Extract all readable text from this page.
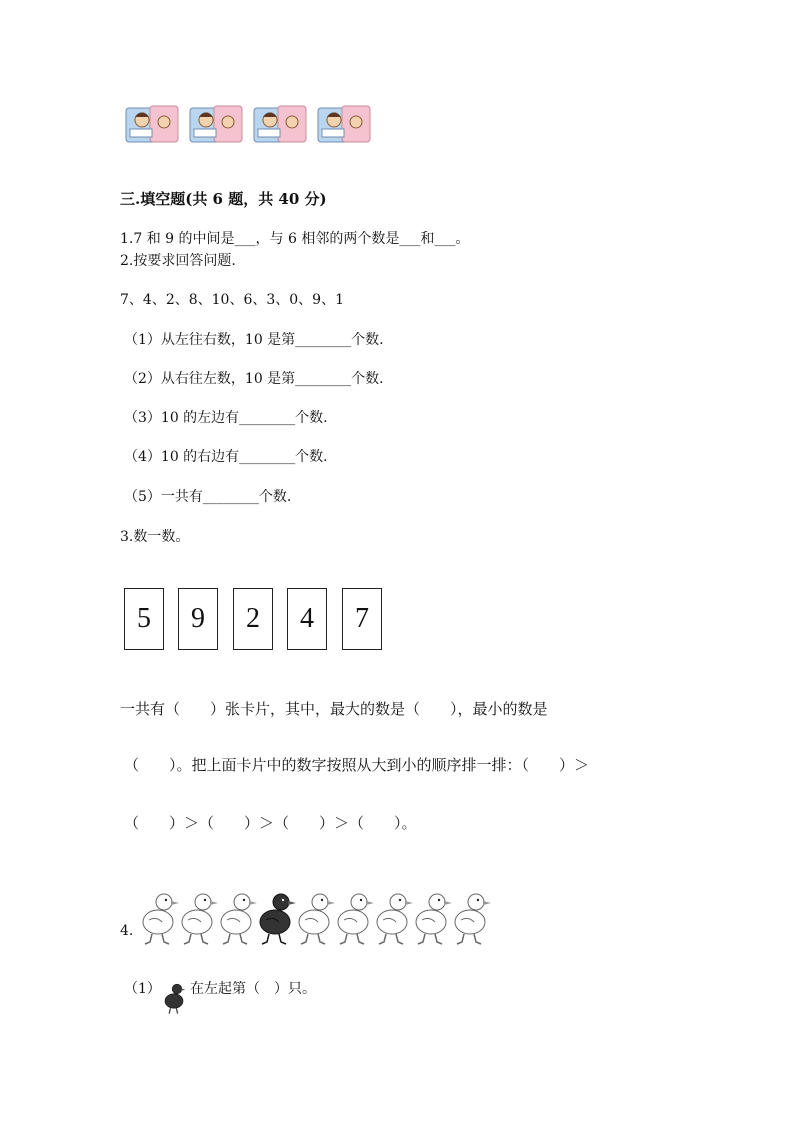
三.填空题(共 6 题，共 40 分)
1.7 和 9 的中间是___，与 6 相邻的两个数是___和___。
2.按要求回答问题.
7、4、2、8、10、6、3、0、9、1
（1）从左往右数，10 是第________个数.
（2）从右往左数，10 是第________个数.
（3）10 的左边有________个数.
（4）10 的右边有________个数.
（5）一共有________个数.
3.数一数。
5	9	2	4	7
一共有（　　）张卡片，其中，最大的数是（　　），最小的数是
（　　）。把上面卡片中的数字按照从大到小的顺序排一排：（　　）＞
（　　）＞（　　）＞（　　）＞（　　）。
4.
（1） 在左起第（　）只。
